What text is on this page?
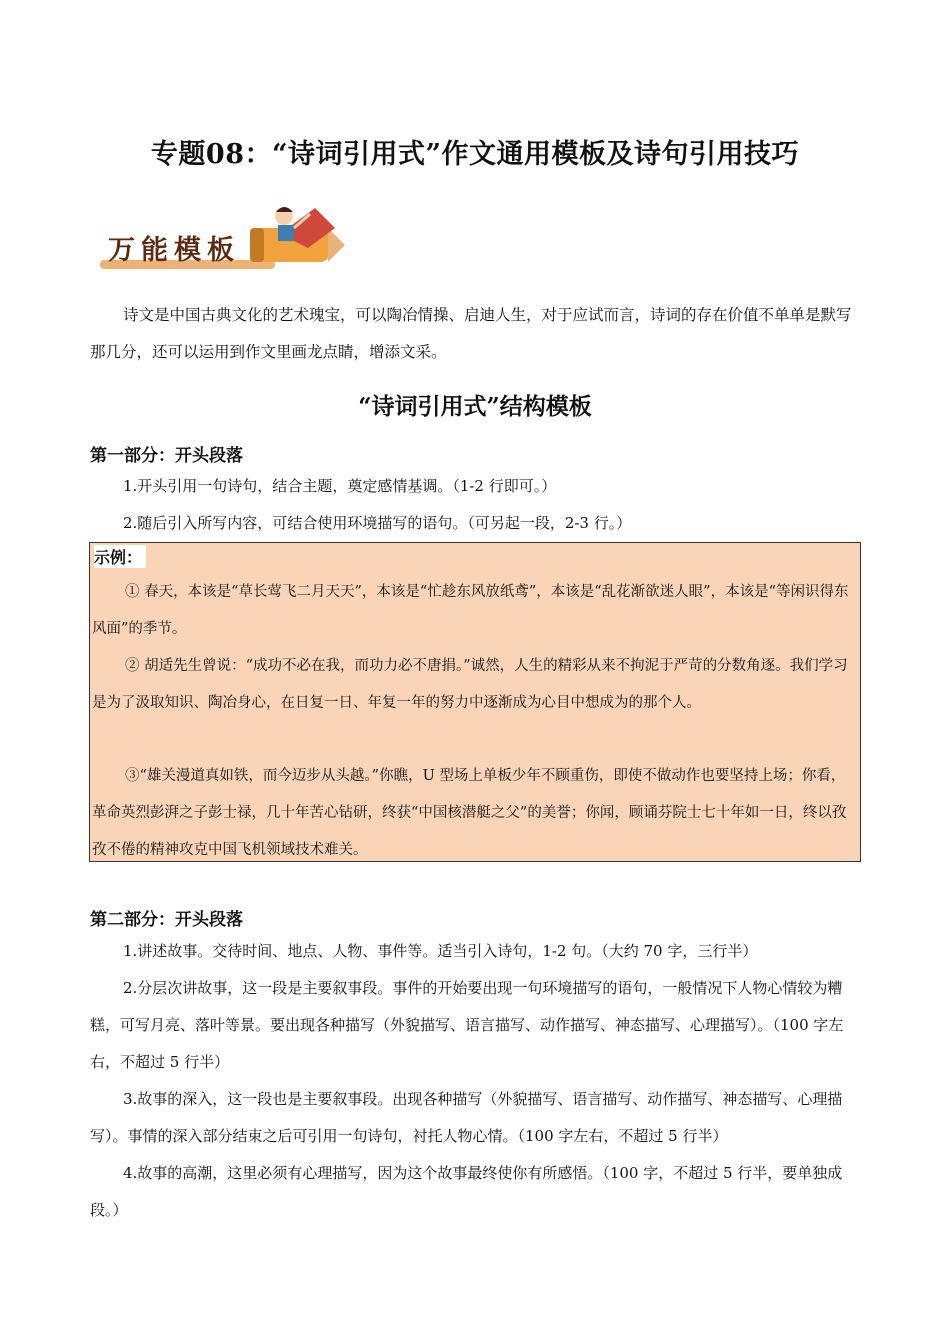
专题08：“诗词引用式”作文通用模板及诗句引用技巧
万能模板
诗文是中国古典文化的艺术瑰宝，可以陶冶情操、启迪人生，对于应试而言，诗词的存在价值不单单是默写那几分，还可以运用到作文里画龙点睛，增添文采。
“诗词引用式”结构模板
第一部分：开头段落
1.开头引用一句诗句，结合主题，奠定感情基调。（1-2 行即可。）
2.随后引入所写内容，可结合使用环境描写的语句。（可另起一段，2-3 行。）
示例：
① 春天，本该是“草长莺飞二月天天”，本该是“忙趁东风放纸鸢”，本该是“乱花渐欲迷人眼”，本该是“等闲识得东风面”的季节。
② 胡适先生曾说：“成功不必在我，而功力必不唐捐。”诚然，人生的精彩从来不拘泥于严苛的分数角逐。我们学习是为了汲取知识、陶冶身心，在日复一日、年复一年的努力中逐渐成为心目中想成为的那个人。
③“雄关漫道真如铁，而今迈步从头越。”你瞧，U 型场上单板少年不顾重伤，即使不做动作也要坚持上场；你看，革命英烈彭湃之子彭士禄，几十年苦心钻研，终获“中国核潜艇之父”的美誉；你闻，顾诵芬院士七十年如一日，终以孜孜不倦的精神攻克中国飞机领域技术难关。
第二部分：开头段落
1.讲述故事。交待时间、地点、人物、事件等。适当引入诗句，1-2 句。（大约 70 字，三行半）
2.分层次讲故事，这一段是主要叙事段。事件的开始要出现一句环境描写的语句，一般情况下人物心情较为糟糕，可写月亮、落叶等景。要出现各种描写（外貌描写、语言描写、动作描写、神态描写、心理描写）。（100 字左右，不超过 5 行半）
3.故事的深入，这一段也是主要叙事段。出现各种描写（外貌描写、语言描写、动作描写、神态描写、心理描写）。事情的深入部分结束之后可引用一句诗句，衬托人物心情。（100 字左右，不超过 5 行半）
4.故事的高潮，这里必须有心理描写，因为这个故事最终使你有所感悟。（100 字，不超过 5 行半，要单独成段。）
